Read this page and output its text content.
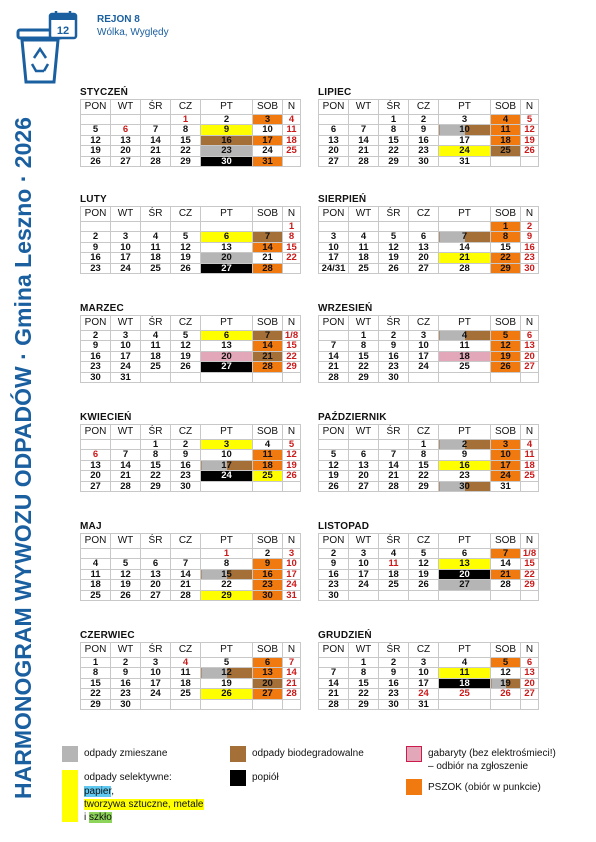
12
REJON 8
Wólka, Wyględy
HARMONOGRAM WYWOZU ODPADÓW · Gmina Leszno · 2026
STYCZEŃ
PON	WT	ŚR	CZ	PT	SOB	N
			1	2	3	4
5	6	7	8	9	10	11
12	13	14	15	16	17	18
19	20	21	22	23	24	25
26	27	28	29	30	31	
LIPIEC
PON	WT	ŚR	CZ	PT	SOB	N
		1	2	3	4	5
6	7	8	9	10	11	12
13	14	15	16	17	18	19
20	21	22	23	24	25	26
27	28	29	30	31		
LUTY
PON	WT	ŚR	CZ	PT	SOB	N
						1
2	3	4	5	6	7	8
9	10	11	12	13	14	15
16	17	18	19	20	21	22
23	24	25	26	27	28	
SIERPIEŃ
PON	WT	ŚR	CZ	PT	SOB	N
					1	2
3	4	5	6	7	8	9
10	11	12	13	14	15	16
17	18	19	20	21	22	23
24/31	25	26	27	28	29	30
MARZEC
PON	WT	ŚR	CZ	PT	SOB	N
2	3	4	5	6	7	1/8
9	10	11	12	13	14	15
16	17	18	19	20	21	22
23	24	25	26	27	28	29
30	31					
WRZESIEŃ
PON	WT	ŚR	CZ	PT	SOB	N
	1	2	3	4	5	6
7	8	9	10	11	12	13
14	15	16	17	18	19	20
21	22	23	24	25	26	27
28	29	30				
KWIECIEŃ
PON	WT	ŚR	CZ	PT	SOB	N
		1	2	3	4	5
6	7	8	9	10	11	12
13	14	15	16	17	18	19
20	21	22	23	24	25	26
27	28	29	30			
PAŹDZIERNIK
PON	WT	ŚR	CZ	PT	SOB	N
			1	2	3	4
5	6	7	8	9	10	11
12	13	14	15	16	17	18
19	20	21	22	23	24	25
26	27	28	29	30	31	
MAJ
PON	WT	ŚR	CZ	PT	SOB	N
				1	2	3
4	5	6	7	8	9	10
11	12	13	14	15	16	17
18	19	20	21	22	23	24
25	26	27	28	29	30	31
LISTOPAD
PON	WT	ŚR	CZ	PT	SOB	N
2	3	4	5	6	7	1/8
9	10	11	12	13	14	15
16	17	18	19	20	21	22
23	24	25	26	27	28	29
30						
CZERWIEC
PON	WT	ŚR	CZ	PT	SOB	N
1	2	3	4	5	6	7
8	9	10	11	12	13	14
15	16	17	18	19	20	21
22	23	24	25	26	27	28
29	30					
GRUDZIEŃ
PON	WT	ŚR	CZ	PT	SOB	N
	1	2	3	4	5	6
7	8	9	10	11	12	13
14	15	16	17	18	19	20
21	22	23	24	25	26	27
28	29	30	31			
odpady zmieszane	odpady biodegradowalne	gabaryty (bez elektrośmieci!)
– odbiór na zgłoszenie
odpady selektywne:
papier,
tworzywa sztuczne, metale
i szkło
popiół
PSZOK (obiór w punkcie)
